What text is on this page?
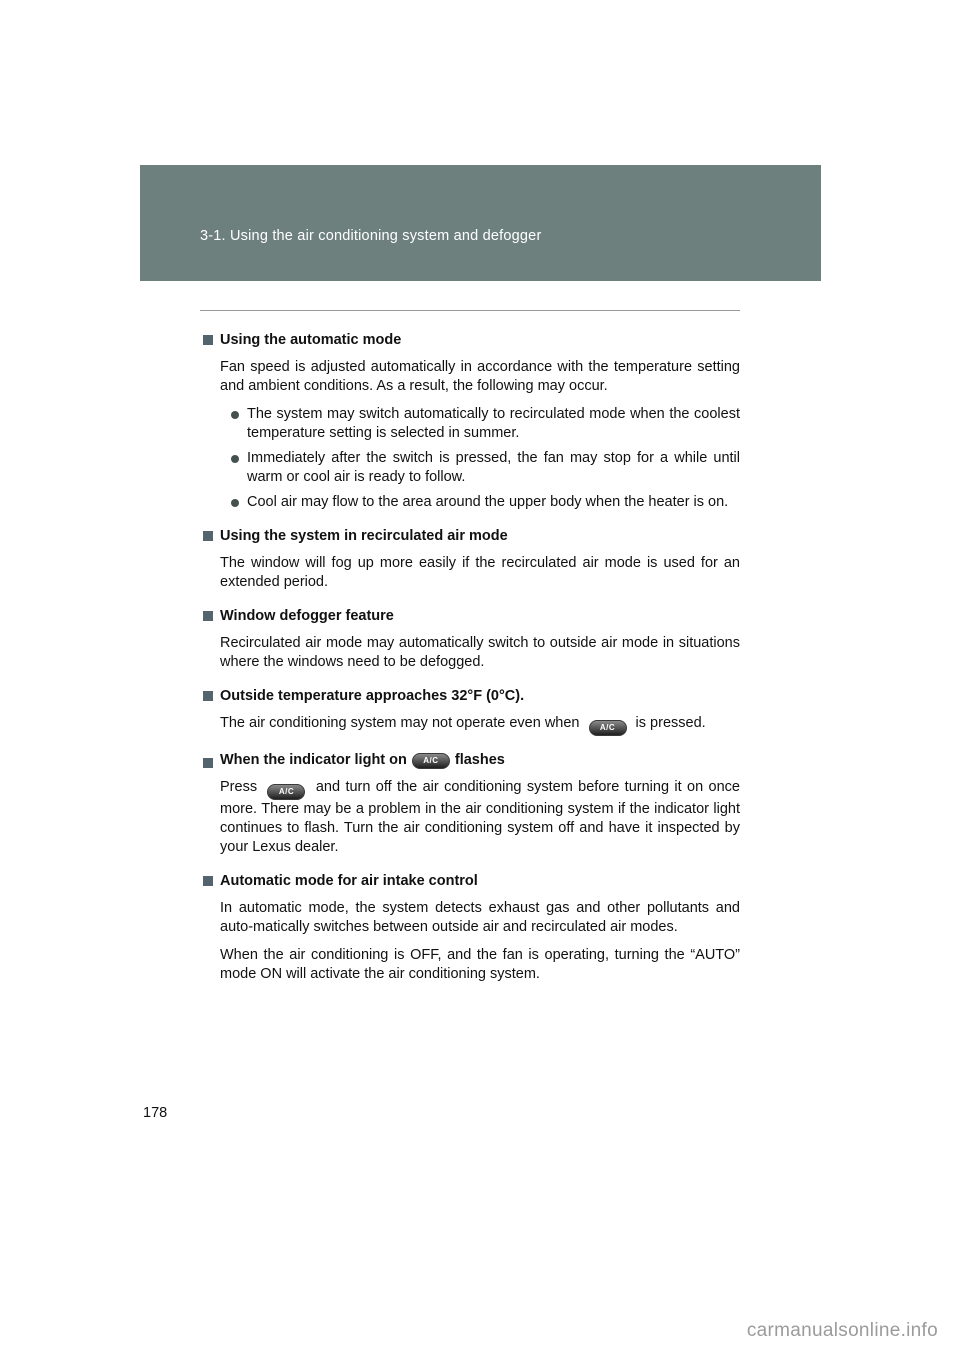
3-1. Using the air conditioning system and defogger
Using the automatic mode

Fan speed is adjusted automatically in accordance with the temperature setting and ambient conditions. As a result, the following may occur.

The system may switch automatically to recirculated mode when the coolest temperature setting is selected in summer.
Immediately after the switch is pressed, the fan may stop for a while until warm or cool air is ready to follow.
Cool air may flow to the area around the upper body when the heater is on.
Using the system in recirculated air mode

The window will fog up more easily if the recirculated air mode is used for an extended period.

Window defogger feature

Recirculated air mode may automatically switch to outside air mode in situations where the windows need to be defogged.

Outside temperature approaches 32°F (0°C).

The air conditioning system may not operate even when	A/C is pressed.

When the indicator light on	A/C	flashes

Press	A/C and turn off the air conditioning system before turning it on once more. There may be a problem in the air conditioning system if the indicator light continues to flash. Turn the air conditioning system off and have it inspected by your Lexus dealer.

Automatic mode for air intake control

In automatic mode, the system detects exhaust gas and other pollutants and auto-matically switches between outside air and recirculated air modes.

When the air conditioning is OFF, and the fan is operating, turning the “AUTO” mode ON will activate the air conditioning system.

178
carmanualsonline.info
